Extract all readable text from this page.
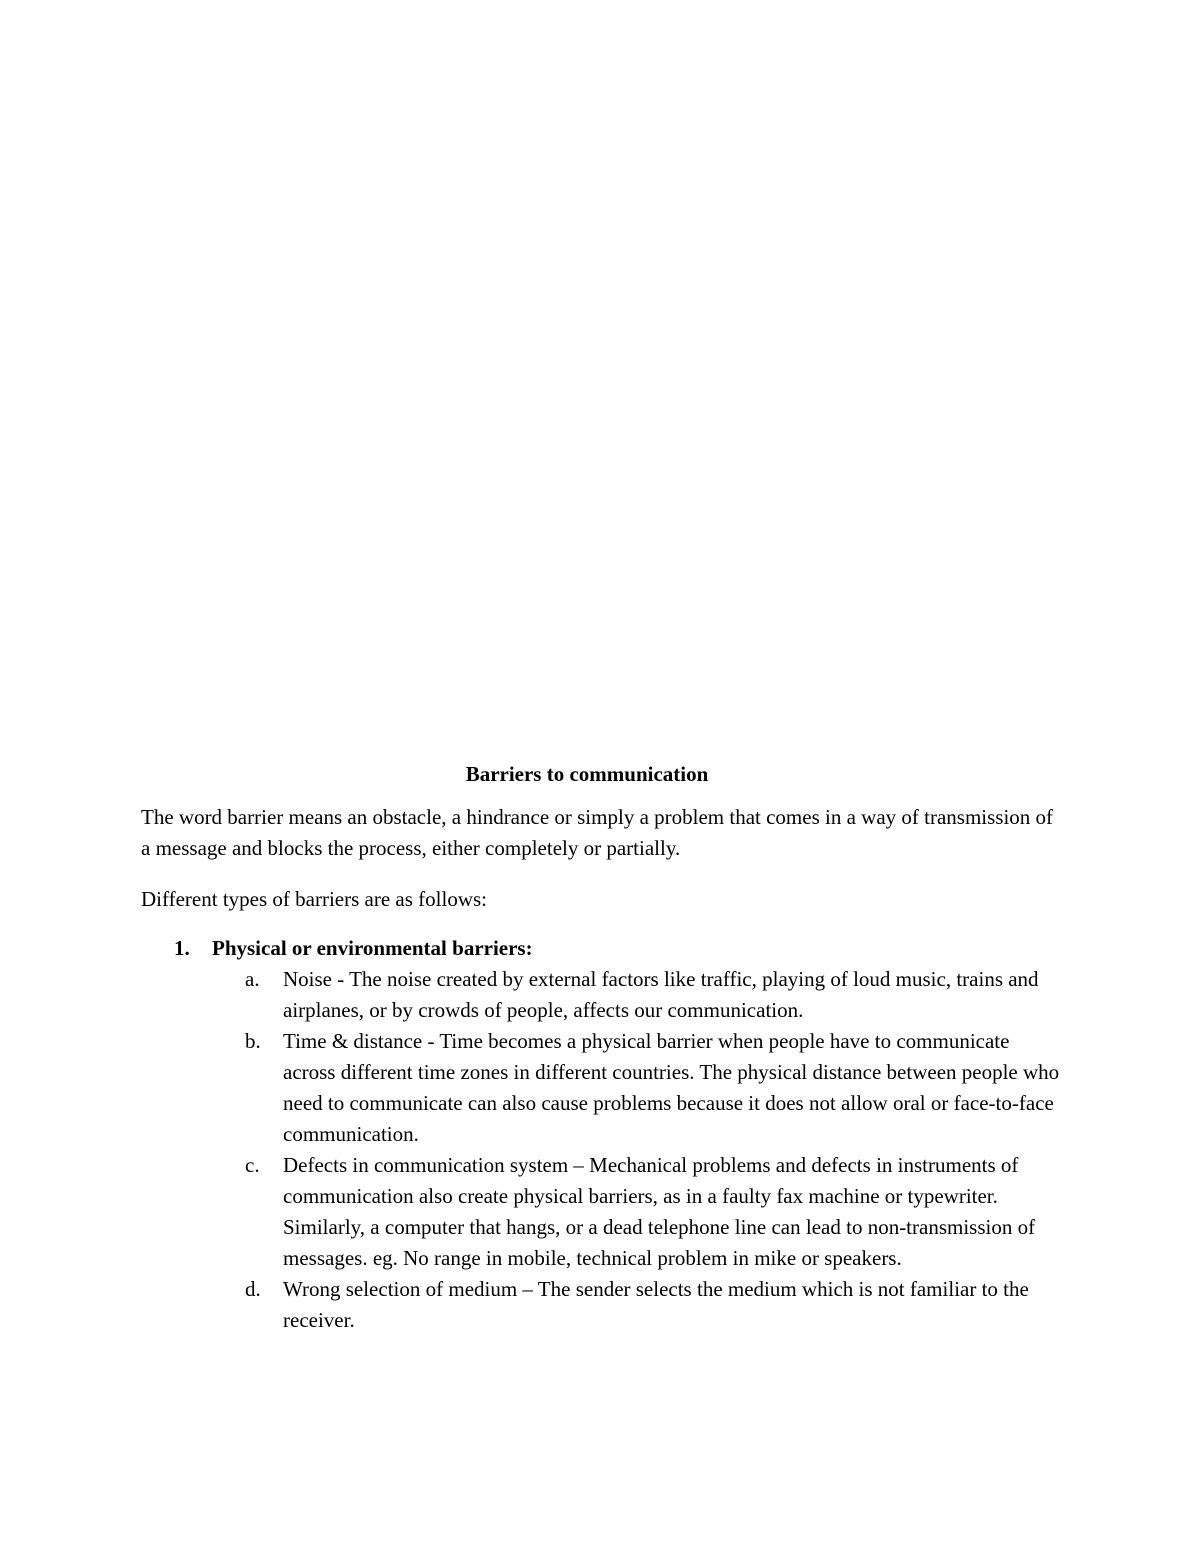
Barriers to communication

The word barrier means an obstacle, a hindrance or simply a problem that comes in a way of transmission of a message and blocks the process, either completely or partially.

Different types of barriers are as follows:

1. Physical or environmental barriers:
a. Noise - The noise created by external factors like traffic, playing of loud music, trains and airplanes, or by crowds of people, affects our communication.
b. Time & distance - Time becomes a physical barrier when people have to communicate across different time zones in different countries. The physical distance between people who need to communicate can also cause problems because it does not allow oral or face-to-face communication.
c. Defects in communication system – Mechanical problems and defects in instruments of communication also create physical barriers, as in a faulty fax machine or typewriter. Similarly, a computer that hangs, or a dead telephone line can lead to non-transmission of messages. eg. No range in mobile, technical problem in mike or speakers.
d. Wrong selection of medium – The sender selects the medium which is not familiar to the receiver.
